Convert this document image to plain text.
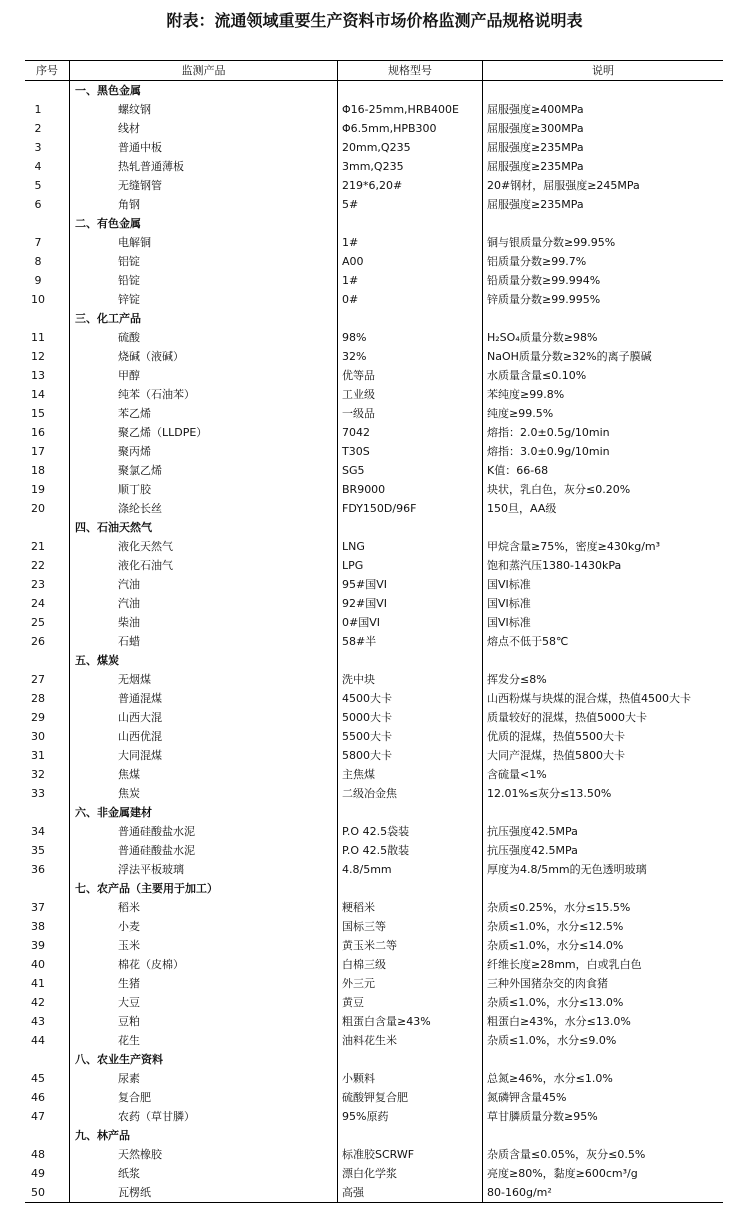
附表：流通领域重要生产资料市场价格监测产品规格说明表
序号	监测产品	规格型号	说明
一、黑色金属
1	螺纹钢	Φ16-25mm,HRB400E	屈服强度≥400MPa
2	线材	Φ6.5mm,HPB300	屈服强度≥300MPa
3	普通中板	20mm,Q235	屈服强度≥235MPa
4	热轧普通薄板	3mm,Q235	屈服强度≥235MPa
5	无缝钢管	219*6,20#	20#钢材，屈服强度≥245MPa
6	角钢	5#	屈服强度≥235MPa
二、有色金属
7	电解铜	1#	铜与银质量分数≥99.95%
8	铝锭	A00	铝质量分数≥99.7%
9	铅锭	1#	铅质量分数≥99.994%
10	锌锭	0#	锌质量分数≥99.995%
三、化工产品
11	硫酸	98%	H₂SO₄质量分数≥98%
12	烧碱（液碱）	32%	NaOH质量分数≥32%的离子膜碱
13	甲醇	优等品	水质量含量≤0.10%
14	纯苯（石油苯）	工业级	苯纯度≥99.8%
15	苯乙烯	一级品	纯度≥99.5%
16	聚乙烯（LLDPE）	7042	熔指：2.0±0.5g/10min
17	聚丙烯	T30S	熔指：3.0±0.9g/10min
18	聚氯乙烯	SG5	K值：66-68
19	顺丁胶	BR9000	块状，乳白色，灰分≤0.20%
20	涤纶长丝	FDY150D/96F	150旦，AA级
四、石油天然气
21	液化天然气	LNG	甲烷含量≥75%，密度≥430kg/m³
22	液化石油气	LPG	饱和蒸汽压1380-1430kPa
23	汽油	95#国VI	国VI标准
24	汽油	92#国VI	国VI标准
25	柴油	0#国VI	国VI标准
26	石蜡	58#半	熔点不低于58℃
五、煤炭
27	无烟煤	洗中块	挥发分≤8%
28	普通混煤	4500大卡	山西粉煤与块煤的混合煤，热值4500大卡
29	山西大混	5000大卡	质量较好的混煤，热值5000大卡
30	山西优混	5500大卡	优质的混煤，热值5500大卡
31	大同混煤	5800大卡	大同产混煤，热值5800大卡
32	焦煤	主焦煤	含硫量<1%
33	焦炭	二级冶金焦	12.01%≤灰分≤13.50%
六、非金属建材
34	普通硅酸盐水泥	P.O 42.5袋装	抗压强度42.5MPa
35	普通硅酸盐水泥	P.O 42.5散装	抗压强度42.5MPa
36	浮法平板玻璃	4.8/5mm	厚度为4.8/5mm的无色透明玻璃
七、农产品（主要用于加工）
37	稻米	粳稻米	杂质≤0.25%，水分≤15.5%
38	小麦	国标三等	杂质≤1.0%，水分≤12.5%
39	玉米	黄玉米二等	杂质≤1.0%，水分≤14.0%
40	棉花（皮棉）	白棉三级	纤维长度≥28mm，白或乳白色
41	生猪	外三元	三种外国猪杂交的肉食猪
42	大豆	黄豆	杂质≤1.0%，水分≤13.0%
43	豆粕	粗蛋白含量≥43%	粗蛋白≥43%，水分≤13.0%
44	花生	油料花生米	杂质≤1.0%，水分≤9.0%
八、农业生产资料
45	尿素	小颗料	总氮≥46%，水分≤1.0%
46	复合肥	硫酸钾复合肥	氮磷钾含量45%
47	农药（草甘膦）	95%原药	草甘膦质量分数≥95%
九、林产品
48	天然橡胶	标准胶SCRWF	杂质含量≤0.05%，灰分≤0.5%
49	纸浆	漂白化学浆	亮度≥80%，黏度≥600cm³/g
50	瓦楞纸	高强	80-160g/m²
